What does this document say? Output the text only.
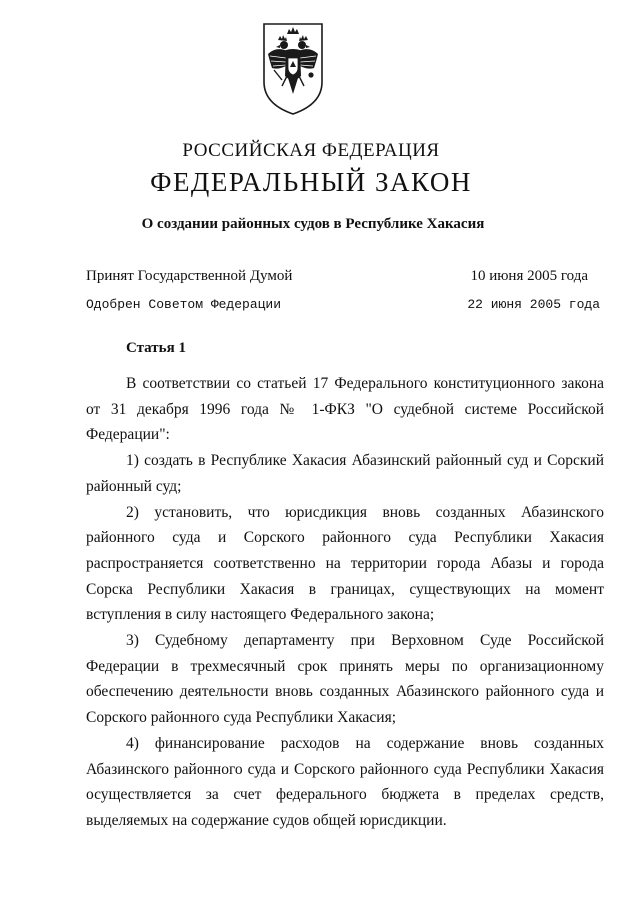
РОССИЙСКАЯ ФЕДЕРАЦИЯ
ФЕДЕРАЛЬНЫЙ ЗАКОН
О создании районных судов в Республике Хакасия
Принят Государственной Думой	10 июня 2005 года
Одобрен Советом Федерации	22 июня 2005 года
Статья 1

В соответствии со статьей 17 Федерального конституционного закона от 31 декабря 1996 года № 1-ФКЗ "О судебной системе Российской Федерации":

1) создать в Республике Хакасия Абазинский районный суд и Сорский районный суд;

2) установить, что юрисдикция вновь созданных Абазинского районного суда и Сорского районного суда Республики Хакасия распространяется соответственно на территории города Абазы и города Сорска Республики Хакасия в границах, существующих на момент вступления в силу настоящего Федерального закона;

3) Судебному департаменту при Верховном Суде Российской Федерации в трехмесячный срок принять меры по организационному обеспечению деятельности вновь созданных Абазинского районного суда и Сорского районного суда Республики Хакасия;

4) финансирование расходов на содержание вновь созданных Абазинского районного суда и Сорского районного суда Республики Хакасия осуществляется за счет федерального бюджета в пределах средств, выделяемых на содержание судов общей юрисдикции.
